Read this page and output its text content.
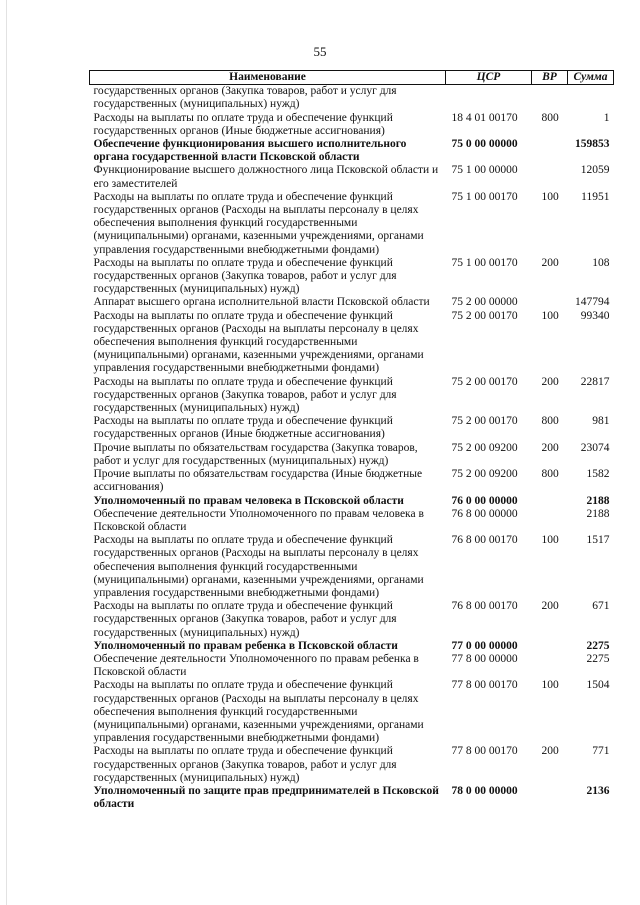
55
Наименование	ЦСР	ВР	Сумма
государственных органов (Закупка товаров, работ и услуг для государственных (муниципальных) нужд)			
Расходы на выплаты по оплате труда и обеспечение функций государственных органов (Иные бюджетные ассигнования)	18 4 01 00170	800	1
Обеспечение функционирования высшего исполнительного органа государственной власти Псковской области	75 0 00 00000		159853
Функционирование высшего должностного лица Псковской области и его заместителей	75 1 00 00000		12059
Расходы на выплаты по оплате труда и обеспечение функций государственных органов (Расходы на выплаты персоналу в целях обеспечения выполнения функций государственными (муниципальными) органами, казенными учреждениями, органами управления государственными внебюджетными фондами)	75 1 00 00170	100	11951
Расходы на выплаты по оплате труда и обеспечение функций государственных органов (Закупка товаров, работ и услуг для государственных (муниципальных) нужд)	75 1 00 00170	200	108
Аппарат высшего органа исполнительной власти Псковской области	75 2 00 00000		147794
Расходы на выплаты по оплате труда и обеспечение функций государственных органов (Расходы на выплаты персоналу в целях обеспечения выполнения функций государственными (муниципальными) органами, казенными учреждениями, органами управления государственными внебюджетными фондами)	75 2 00 00170	100	99340
Расходы на выплаты по оплате труда и обеспечение функций государственных органов (Закупка товаров, работ и услуг для государственных (муниципальных) нужд)	75 2 00 00170	200	22817
Расходы на выплаты по оплате труда и обеспечение функций государственных органов (Иные бюджетные ассигнования)	75 2 00 00170	800	981
Прочие выплаты по обязательствам государства (Закупка товаров, работ и услуг для государственных (муниципальных) нужд)	75 2 00 09200	200	23074
Прочие выплаты по обязательствам государства (Иные бюджетные ассигнования)	75 2 00 09200	800	1582
Уполномоченный по правам человека в Псковской области	76 0 00 00000		2188
Обеспечение деятельности Уполномоченного по правам человека в Псковской области	76 8 00 00000		2188
Расходы на выплаты по оплате труда и обеспечение функций государственных органов (Расходы на выплаты персоналу в целях обеспечения выполнения функций государственными (муниципальными) органами, казенными учреждениями, органами управления государственными внебюджетными фондами)	76 8 00 00170	100	1517
Расходы на выплаты по оплате труда и обеспечение функций государственных органов (Закупка товаров, работ и услуг для государственных (муниципальных) нужд)	76 8 00 00170	200	671
Уполномоченный по правам ребенка в Псковской области	77 0 00 00000		2275
Обеспечение деятельности Уполномоченного по правам ребенка в Псковской области	77 8 00 00000		2275
Расходы на выплаты по оплате труда и обеспечение функций государственных органов (Расходы на выплаты персоналу в целях обеспечения выполнения функций государственными (муниципальными) органами, казенными учреждениями, органами управления государственными внебюджетными фондами)	77 8 00 00170	100	1504
Расходы на выплаты по оплате труда и обеспечение функций государственных органов (Закупка товаров, работ и услуг для государственных (муниципальных) нужд)	77 8 00 00170	200	771
Уполномоченный по защите прав предпринимателей в Псковской области	78 0 00 00000		2136
